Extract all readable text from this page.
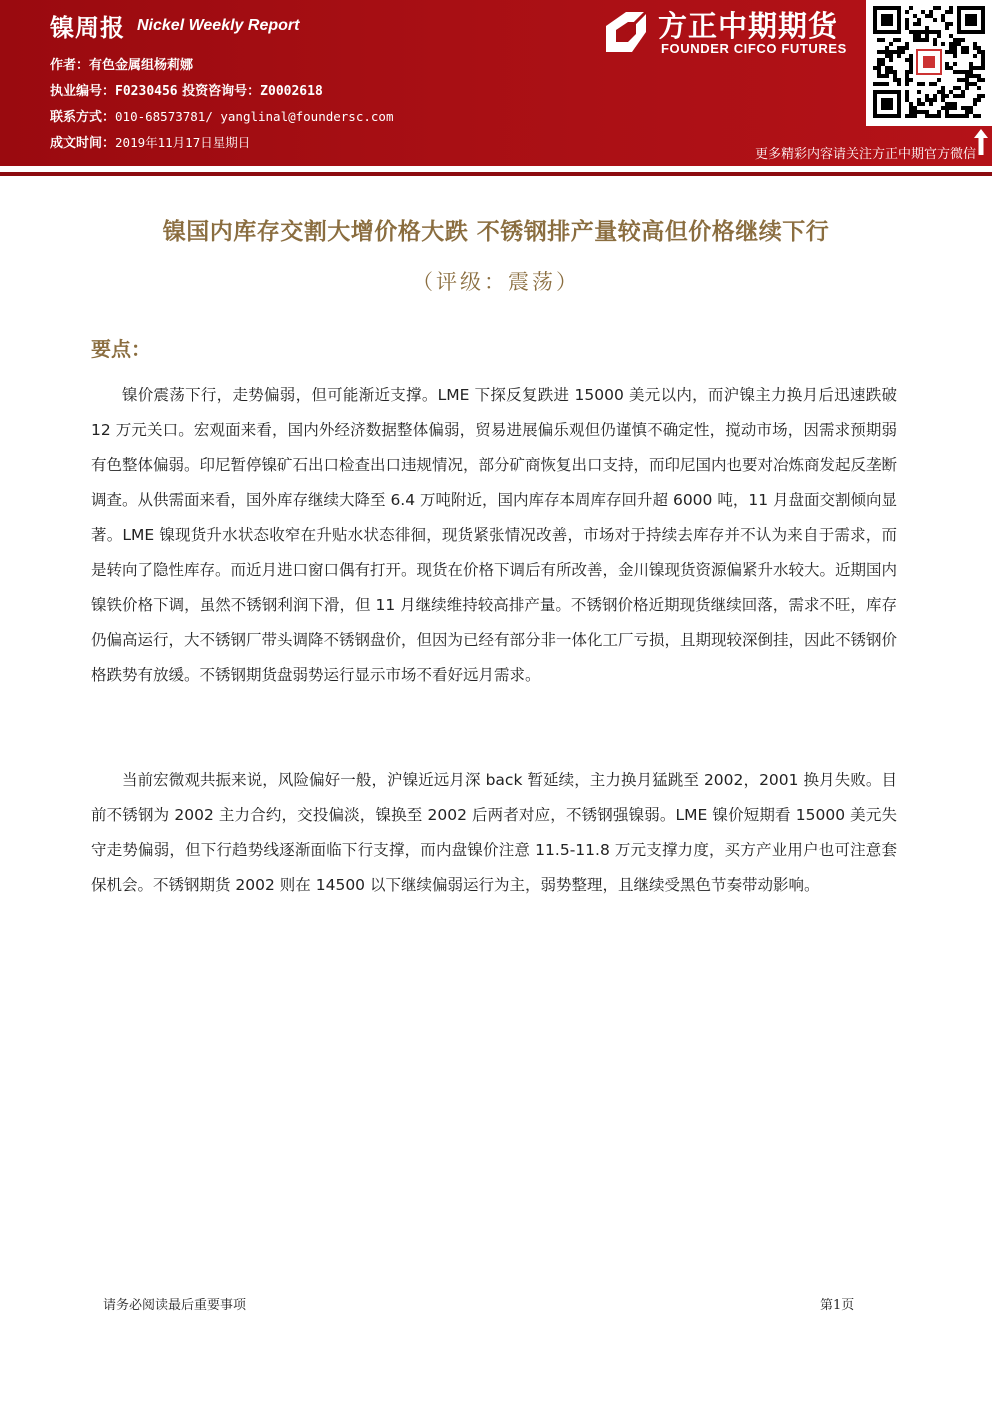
镍周报 Nickel Weekly Report
作者：有色金属组杨莉娜
执业编号：F0230456 投资咨询号：Z0002618
联系方式：010-68573781/ yanglinal@foundersc.com
成文时间：2019年11月17日星期日
方正中期期货
FOUNDER CIFCO FUTURES
更多精彩内容请关注方正中期官方微信
镍国内库存交割大增价格大跌 不锈钢排产量较高但价格继续下行
（评级：震荡）
要点：

镍价震荡下行，走势偏弱，但可能渐近支撑。LME 下探反复跌进 15000 美元以内，而沪镍主力换月后迅速跌破 12 万元关口。宏观面来看，国内外经济数据整体偏弱，贸易进展偏乐观但仍谨慎不确定性，搅动市场，因需求预期弱有色整体偏弱。印尼暂停镍矿石出口检查出口违规情况，部分矿商恢复出口支持，而印尼国内也要对冶炼商发起反垄断调查。从供需面来看，国外库存继续大降至 6.4 万吨附近，国内库存本周库存回升超 6000 吨，11 月盘面交割倾向显著。LME 镍现货升水状态收窄在升贴水状态徘徊，现货紧张情况改善，市场对于持续去库存并不认为来自于需求，而是转向了隐性库存。而近月进口窗口偶有打开。现货在价格下调后有所改善，金川镍现货资源偏紧升水较大。近期国内镍铁价格下调，虽然不锈钢利润下滑，但 11 月继续维持较高排产量。不锈钢价格近期现货继续回落，需求不旺，库存仍偏高运行，大不锈钢厂带头调降不锈钢盘价，但因为已经有部分非一体化工厂亏损，且期现较深倒挂，因此不锈钢价格跌势有放缓。不锈钢期货盘弱势运行显示市场不看好远月需求。

当前宏微观共振来说，风险偏好一般，沪镍近远月深 back 暂延续，主力换月猛跳至 2002，2001 换月失败。目前不锈钢为 2002 主力合约，交投偏淡，镍换至 2002 后两者对应，不锈钢强镍弱。LME 镍价短期看 15000 美元失守走势偏弱，但下行趋势线逐渐面临下行支撑，而内盘镍价注意 11.5-11.8 万元支撑力度，买方产业用户也可注意套保机会。不锈钢期货 2002 则在 14500 以下继续偏弱运行为主，弱势整理，且继续受黑色节奏带动影响。

请务必阅读最后重要事项	第1页
